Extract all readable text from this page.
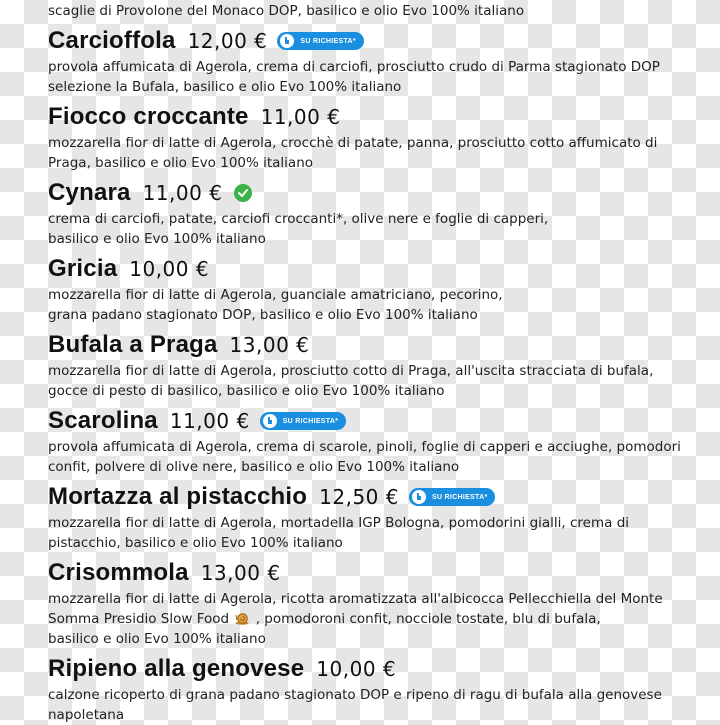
scaglie di Provolone del Monaco DOP, basilico e olio Evo 100% italiano
Carcioffola 12,00 €	SU RICHIESTA*
provola affumicata di Agerola, crema di carciofi, prosciutto crudo di Parma stagionato DOP
selezione la Bufala, basilico e olio Evo 100% italiano
Fiocco croccante 11,00 €
mozzarella fior di latte di Agerola, crocchè di patate, panna, prosciutto cotto affumicato di
Praga, basilico e olio Evo 100% italiano
Cynara 11,00 €
crema di carciofi, patate, carciofi croccanti*, olive nere e foglie di capperi,
basilico e olio Evo 100% italiano
Gricia 10,00 €
mozzarella fior di latte di Agerola, guanciale amatriciano, pecorino,
grana padano stagionato DOP, basilico e olio Evo 100% italiano
Bufala a Praga 13,00 €
mozzarella fior di latte di Agerola, prosciutto cotto di Praga, all'uscita stracciata di bufala,
gocce di pesto di basilico, basilico e olio Evo 100% italiano
Scarolina 11,00 €	SU RICHIESTA*
provola affumicata di Agerola, crema di scarole, pinoli, foglie di capperi e acciughe, pomodori
confit, polvere di olive nere, basilico e olio Evo 100% italiano
Mortazza al pistacchio 12,50 €	SU RICHIESTA*
mozzarella fior di latte di Agerola, mortadella IGP Bologna, pomodorini gialli, crema di
pistacchio, basilico e olio Evo 100% italiano
Crisommola 13,00 €
mozzarella fior di latte di Agerola, ricotta aromatizzata all'albicocca Pellecchiella del Monte
Somma Presidio Slow Food , pomodoroni confit, nocciole tostate, blu di bufala,
basilico e olio Evo 100% italiano
Ripieno alla genovese 10,00 €
calzone ricoperto di grana padano stagionato DOP e ripeno di ragu di bufala alla genovese
napoletana
